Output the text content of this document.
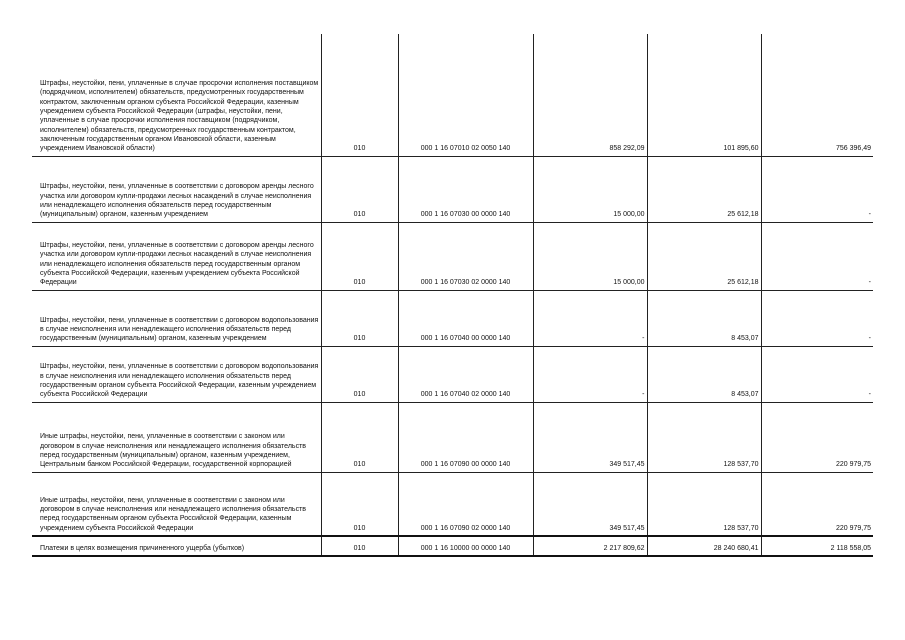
Штрафы, неустойки, пени, уплаченные в случае просрочки исполнения поставщиком (подрядчиком, исполнителем) обязательств, предусмотренных государственным контрактом, заключенным органом субъекта Российской Федерации, казенным учреждением субъекта Российской Федерации (штрафы, неустойки, пени, уплаченные в случае просрочки исполнения поставщиком (подрядчиком, исполнителем) обязательств, предусмотренных государственным контрактом, заключенным государственным органом Ивановской области, казенным учреждением Ивановской области)	010	000 1 16 07010 02 0050 140	858 292,09	101 895,60	756 396,49
Штрафы, неустойки, пени, уплаченные в соответствии с договором аренды лесного участка или договором купли-продажи лесных насаждений в случае неисполнения или ненадлежащего исполнения обязательств перед государственным (муниципальным) органом, казенным учреждением	010	000 1 16 07030 00 0000 140	15 000,00	25 612,18	-
Штрафы, неустойки, пени, уплаченные в соответствии с договором аренды лесного участка или договором купли-продажи лесных насаждений в случае неисполнения или ненадлежащего исполнения обязательств перед государственным органом субъекта Российской Федерации, казенным учреждением субъекта Российской Федерации	010	000 1 16 07030 02 0000 140	15 000,00	25 612,18	-
Штрафы, неустойки, пени, уплаченные в соответствии с договором водопользования в случае неисполнения или ненадлежащего исполнения обязательств перед государственным (муниципальным) органом, казенным учреждением	010	000 1 16 07040 00 0000 140	-	8 453,07	-
Штрафы, неустойки, пени, уплаченные в соответствии с договором водопользования в случае неисполнения или ненадлежащего исполнения обязательств перед государственным органом субъекта Российской Федерации, казенным учреждением субъекта Российской Федерации	010	000 1 16 07040 02 0000 140	-	8 453,07	-
Иные штрафы, неустойки, пени, уплаченные в соответствии с законом или договором в случае неисполнения или ненадлежащего исполнения обязательств перед государственным (муниципальным) органом, казенным учреждением, Центральным банком Российской Федерации, государственной корпорацией	010	000 1 16 07090 00 0000 140	349 517,45	128 537,70	220 979,75
Иные штрафы, неустойки, пени, уплаченные в соответствии с законом или договором в случае неисполнения или ненадлежащего исполнения обязательств перед государственным органом субъекта Российской Федерации, казенным учреждением субъекта Российской Федерации	010	000 1 16 07090 02 0000 140	349 517,45	128 537,70	220 979,75
Платежи в целях возмещения причиненного ущерба (убытков)	010	000 1 16 10000 00 0000 140	2 217 809,62	28 240 680,41	2 118 558,05
